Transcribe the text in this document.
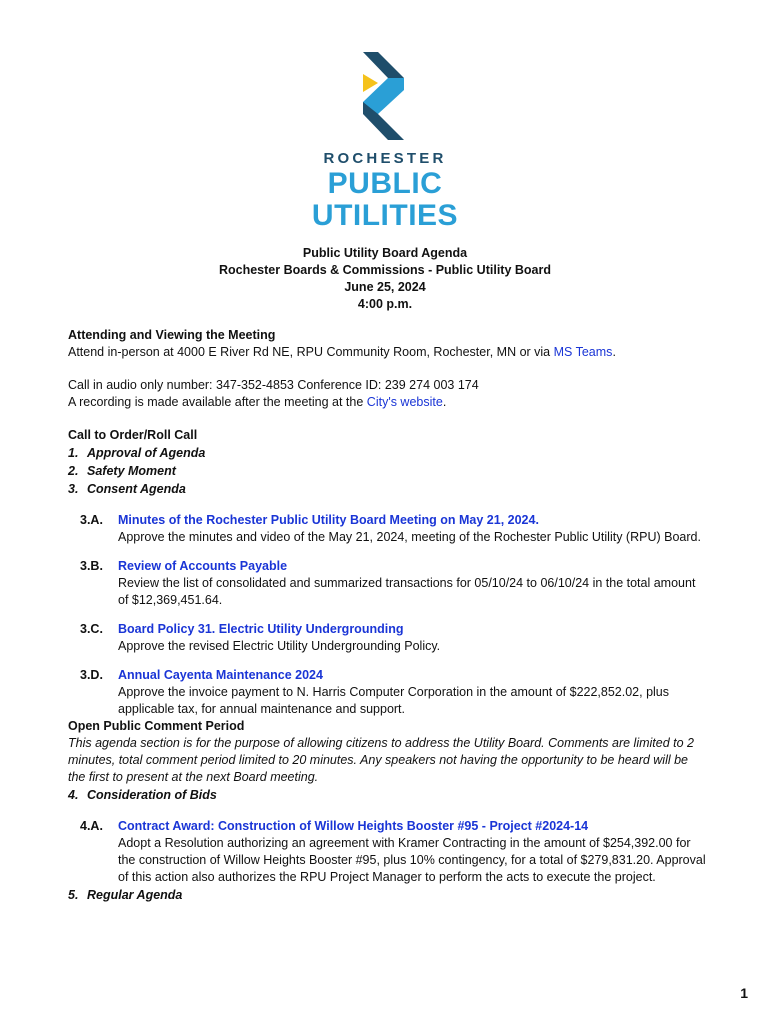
ROCHESTER
PUBLIC
UTILITIES
Public Utility Board Agenda
Rochester Boards & Commissions - Public Utility Board
June 25, 2024
4:00 p.m.

Attending and Viewing the Meeting

Attend in-person at 4000 E River Rd NE, RPU Community Room, Rochester, MN or via MS Teams.

Call in audio only number: 347-352-4853 Conference ID: 239 274 003 174

A recording is made available after the meeting at the City's website.

Call to Order/Roll Call

1. Approval of Agenda
2. Safety Moment
3. Consent Agenda
3.A. Minutes of the Rochester Public Utility Board Meeting on May 21, 2024.
Approve the minutes and video of the May 21, 2024, meeting of the Rochester Public Utility (RPU) Board.
3.B. Review of Accounts Payable
Review the list of consolidated and summarized transactions for 05/10/24 to 06/10/24 in the total amount of $12,369,451.64.
3.C. Board Policy 31. Electric Utility Undergrounding
Approve the revised Electric Utility Undergrounding Policy.
3.D. Annual Cayenta Maintenance 2024
Approve the invoice payment to N. Harris Computer Corporation in the amount of $222,852.02, plus applicable tax, for annual maintenance and support.

Open Public Comment Period

This agenda section is for the purpose of allowing citizens to address the Utility Board. Comments are limited to 2 minutes, total comment period limited to 20 minutes. Any speakers not having the opportunity to be heard will be the first to present at the next Board meeting.

4. Consideration of Bids
4.A. Contract Award: Construction of Willow Heights Booster #95 - Project #2024-14
Adopt a Resolution authorizing an agreement with Kramer Contracting in the amount of $254,392.00 for the construction of Willow Heights Booster #95, plus 10% contingency, for a total of $279,831.20. Approval of this action also authorizes the RPU Project Manager to perform the acts to execute the project.
5. Regular Agenda
1
